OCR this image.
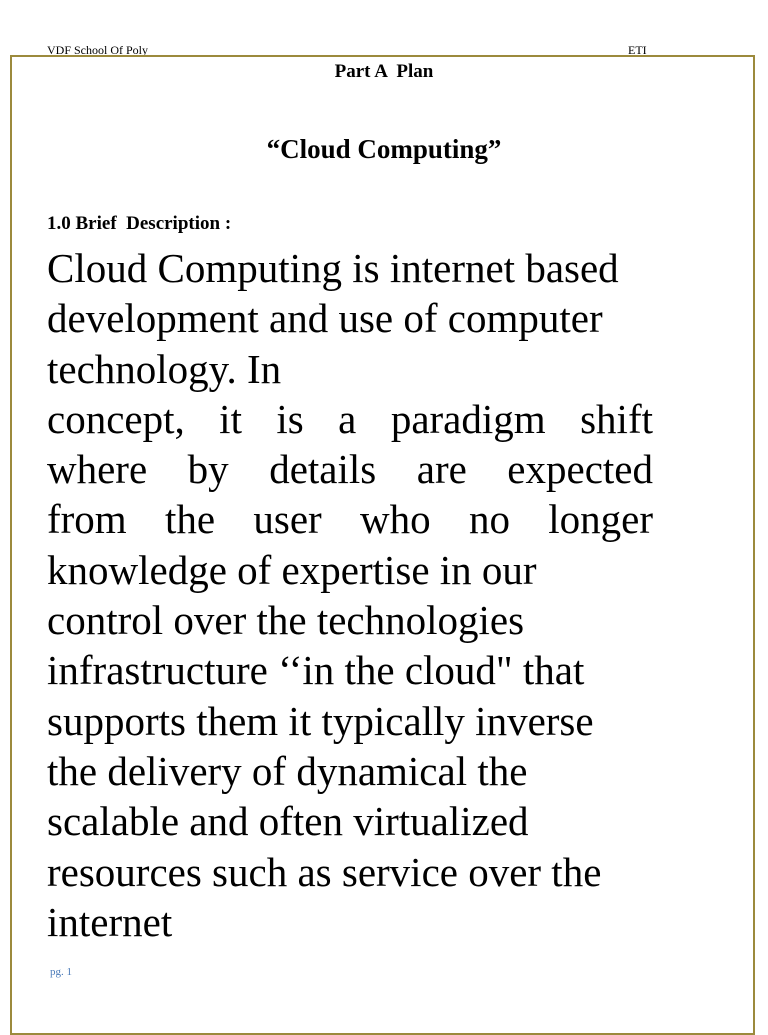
VDF School Of Poly	ETI
Part A  Plan
“Cloud Computing”
1.0 Brief  Description :
Cloud Computing is internet based
development and use of computer
technology. In
concept, it is a paradigm shift
where by details are expected
from the user who no longer
knowledge of expertise in our
control over the technologies
infrastructure ‘‘in the cloud" that
supports them it typically inverse
the delivery of dynamical the
scalable and often virtualized
resources such as service over the
internet
pg. 1
